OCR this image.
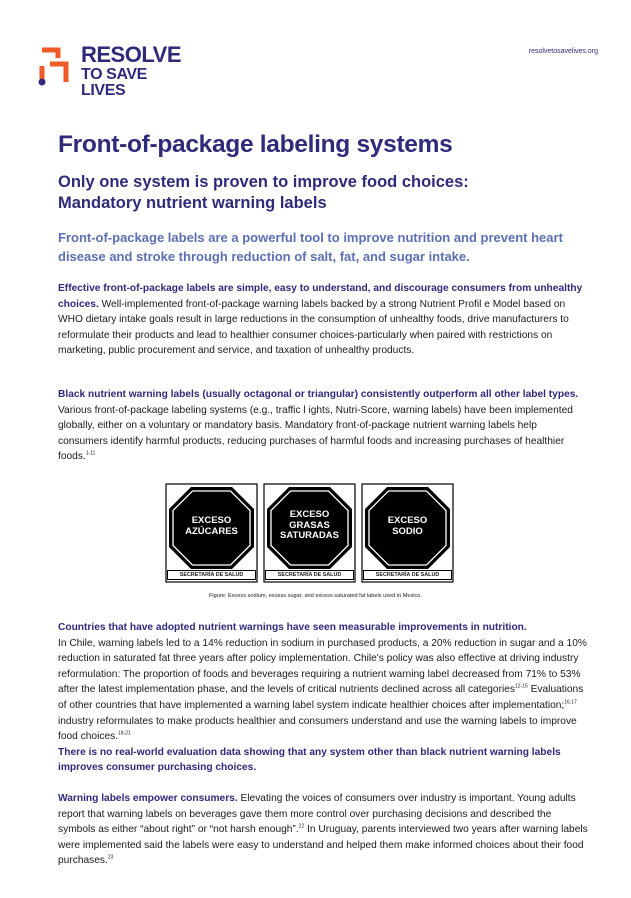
RESOLVE
TO SAVE LIVES
resolvetosavelives.org
Front-of-package labeling systems
Only one system is proven to improve food choices:
Mandatory nutrient warning labels

Front-of-package labels are a powerful tool to improve nutrition and prevent heart disease and stroke through reduction of salt, fat, and sugar intake.

Effective front-of-package labels are simple, easy to understand, and discourage consumers from unhealthy choices. Well-implemented front-of-package warning labels backed by a strong Nutrient Profil e Model based on WHO dietary intake goals result in large reductions in the consumption of unhealthy foods, drive manufacturers to reformulate their products and lead to healthier consumer choices-particularly when paired with restrictions on marketing, public procurement and service, and taxation of unhealthy products.

Black nutrient warning labels (usually octagonal or triangular) consistently outperform all other label types. Various front-of-package labeling systems (e.g., traffic l ights, Nutri-Score, warning labels) have been implemented globally, either on a voluntary or mandatory basis. Mandatory front-of-package nutrient warning labels help consumers identify harmful products, reducing purchases of harmful foods and increasing purchases of healthier foods.$^{1-11}$

EXCESO
AZÚCARES
SECRETARÍA DE SALUD
EXCESO
GRASAS
SATURADAS
SECRETARÍA DE SALUD
EXCESO
SODIO
SECRETARÍA DE SALUD
Figure: Excess sodium, excess sugar, and excess saturated fat labels used in Mexico.

Countries that have adopted nutrient warnings have seen measurable improvements in nutrition.
In Chile, warning labels led to a 14% reduction in sodium in purchased products, a 20% reduction in sugar and a 10% reduction in saturated fat three years after policy implementation. Chile's policy was also effective at driving industry reformulation: The proportion of foods and beverages requiring a nutrient warning label decreased from 71% to 53% after the latest implementation phase, and the levels of critical nutrients declined across all categories$^{12-15}$ Evaluations of other countries that have implemented a warning label system indicate healthier choices after implementation;$^{16,17}$ industry reformulates to make products healthier and consumers understand and use the warning labels to improve food choices.$^{18-21}$
There is no real-world evaluation data showing that any system other than black nutrient warning labels improves consumer purchasing choices.

Warning labels empower consumers. Elevating the voices of consumers over industry is important. Young adults report that warning labels on beverages gave them more control over purchasing decisions and described the symbols as either “about right” or “not harsh enough”.$^{22}$ In Uruguay, parents interviewed two years after warning labels were implemented said the labels were easy to understand and helped them make informed choices about their food purchases.$^{23}$
